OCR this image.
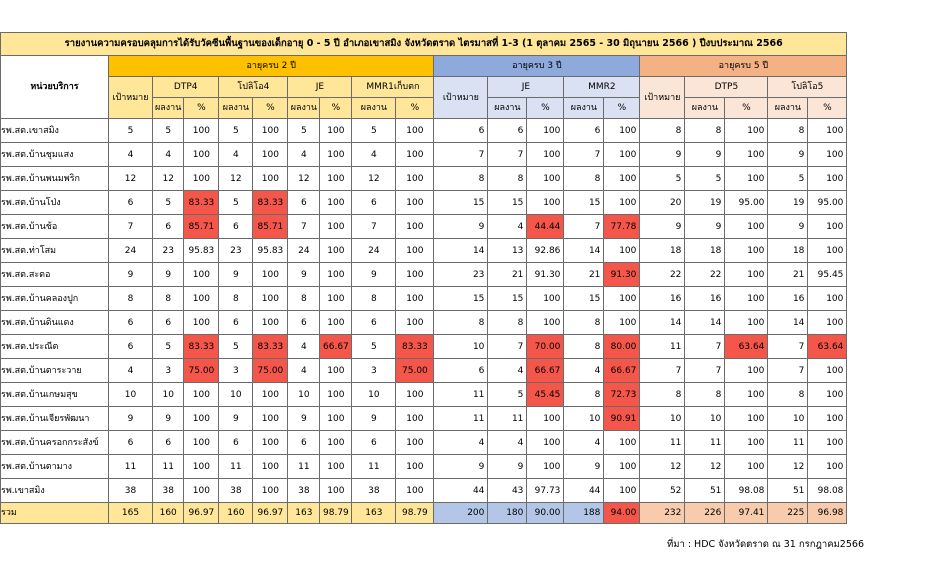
รายงานความครอบคลุมการได้รับวัคซีนพื้นฐานของเด็กอายุ 0 - 5 ปี อำเภอเขาสมิง จังหวัดตราด ไตรมาสที่ 1-3 (1 ตุลาคม 2565 - 30 มิถุนายน 2566 ) ปีงบประมาณ 2566																			
หน่วยบริการ	อายุครบ 2 ปี									อายุครบ 3 ปี					อายุครบ 5 ปี				
	เป้าหมาย	DTP4		โปลิโอ4		JE		MMR1เก็บตก		เป้าหมาย	JE		MMR2		เป้าหมาย	DTP5		โปลิโอ5	
		ผลงาน	%	ผลงาน	%	ผลงาน	%	ผลงาน	%		ผลงาน	%	ผลงาน	%		ผลงาน	%	ผลงาน	%
รพ.สต.เขาสมิง	5	5	100	5	100	5	100	5	100	6	6	100	6	100	8	8	100	8	100
รพ.สต.บ้านชุมแสง	4	4	100	4	100	4	100	4	100	7	7	100	7	100	9	9	100	9	100
รพ.สต.บ้านพนมพริก	12	12	100	12	100	12	100	12	100	8	8	100	8	100	5	5	100	5	100
รพ.สต.บ้านโป่ง	6	5	83.33	5	83.33	6	100	6	100	15	15	100	15	100	20	19	95.00	19	95.00
รพ.สต.บ้านช้อ	7	6	85.71	6	85.71	7	100	7	100	9	4	44.44	7	77.78	9	9	100	9	100
รพ.สต.ท่าโสม	24	23	95.83	23	95.83	24	100	24	100	14	13	92.86	14	100	18	18	100	18	100
รพ.สต.สะตอ	9	9	100	9	100	9	100	9	100	23	21	91.30	21	91.30	22	22	100	21	95.45
รพ.สต.บ้านคลองปูก	8	8	100	8	100	8	100	8	100	15	15	100	15	100	16	16	100	16	100
รพ.สต.บ้านดินแดง	6	6	100	6	100	6	100	6	100	8	8	100	8	100	14	14	100	14	100
รพ.สต.ประณีต	6	5	83.33	5	83.33	4	66.67	5	83.33	10	7	70.00	8	80.00	11	7	63.64	7	63.64
รพ.สต.บ้านตาระวาย	4	3	75.00	3	75.00	4	100	3	75.00	6	4	66.67	4	66.67	7	7	100	7	100
รพ.สต.บ้านเกษมสุข	10	10	100	10	100	10	100	10	100	11	5	45.45	8	72.73	8	8	100	8	100
รพ.สต.บ้านเจียรพัฒนา	9	9	100	9	100	9	100	9	100	11	11	100	10	90.91	10	10	100	10	100
รพ.สต.บ้านครอกกระสังข์	6	6	100	6	100	6	100	6	100	4	4	100	4	100	11	11	100	11	100
รพ.สต.บ้านตามาง	11	11	100	11	100	11	100	11	100	9	9	100	9	100	12	12	100	12	100
รพ.เขาสมิง	38	38	100	38	100	38	100	38	100	44	43	97.73	44	100	52	51	98.08	51	98.08
รวม	165	160	96.97	160	96.97	163	98.79	163	98.79	200	180	90.00	188	94.00	232	226	97.41	225	96.98
ที่มา : HDC จังหวัดตราด ณ 31 กรกฎาคม2566
